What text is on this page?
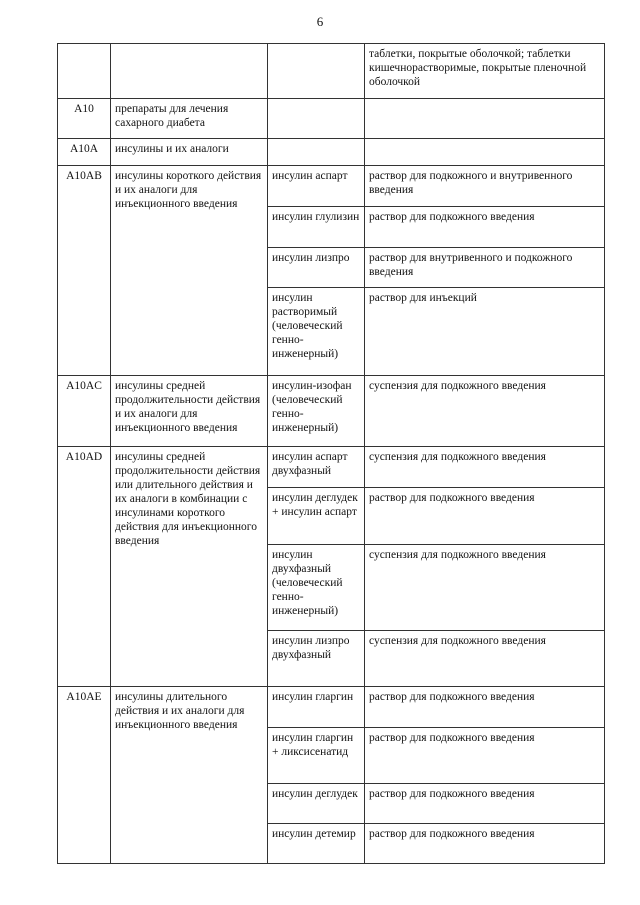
6
			таблетки, покрытые оболочкой; таблетки кишечнорастворимые, покрытые пленочной оболочкой
A10	препараты для лечения сахарного диабета		
A10A	инсулины и их аналоги		
A10AB	инсулины короткого действия и их аналоги для инъекционного введения	инсулин аспарт	раствор для подкожного и внутривенного введения
		инсулин глулизин	раствор для подкожного введения
		инсулин лизпро	раствор для внутривенного и подкожного введения
		инсулин растворимый (человеческий генно-инженерный)	раствор для инъекций
A10AC	инсулины средней продолжительности действия и их аналоги для инъекционного введения	инсулин-изофан (человеческий генно-инженерный)	суспензия для подкожного введения
A10AD	инсулины средней продолжительности действия или длительного действия и их аналоги в комбинации с инсулинами короткого действия для инъекционного введения	инсулин аспарт двухфазный	суспензия для подкожного введения
		инсулин деглудек + инсулин аспарт	раствор для подкожного введения
		инсулин двухфазный (человеческий генно-инженерный)	суспензия для подкожного введения
		инсулин лизпро двухфазный	суспензия для подкожного введения
A10AE	инсулины длительного действия и их аналоги для инъекционного введения	инсулин гларгин	раствор для подкожного введения
		инсулин гларгин + ликсисенатид	раствор для подкожного введения
		инсулин деглудек	раствор для подкожного введения
		инсулин детемир	раствор для подкожного введения
